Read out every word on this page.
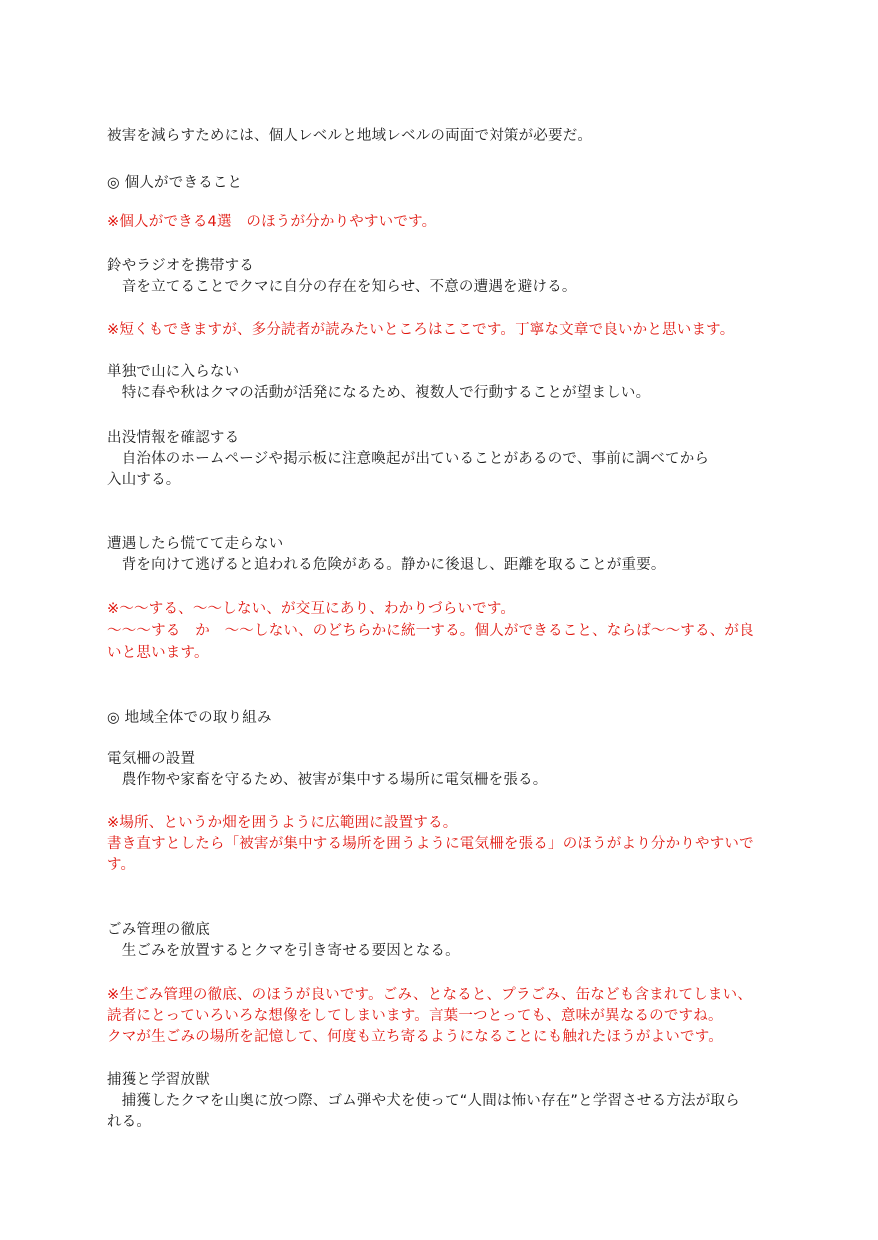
被害を減らすためには、個人レベルと地域レベルの両面で対策が必要だ。

◎ 個人ができること

※個人ができる4選　のほうが分かりやすいです。

鈴やラジオを携帯する

　音を立てることでクマに自分の存在を知らせ、不意の遭遇を避ける。

※短くもできますが、多分読者が読みたいところはここです。丁寧な文章で良いかと思います。

単独で山に入らない

　特に春や秋はクマの活動が活発になるため、複数人で行動することが望ましい。

出没情報を確認する

　自治体のホームページや掲示板に注意喚起が出ていることがあるので、事前に調べてから

入山する。

遭遇したら慌てて走らない

　背を向けて逃げると追われる危険がある。静かに後退し、距離を取ることが重要。

※～～する、～～しない、が交互にあり、わかりづらいです。

～～～する　か　～～しない、のどちらかに統一する。個人ができること、ならば～～する、が良

いと思います。

◎ 地域全体での取り組み

電気柵の設置

　農作物や家畜を守るため、被害が集中する場所に電気柵を張る。

※場所、というか畑を囲うように広範囲に設置する。

書き直すとしたら「被害が集中する場所を囲うように電気柵を張る」のほうがより分かりやすいで

す。

ごみ管理の徹底

　生ごみを放置するとクマを引き寄せる要因となる。

※生ごみ管理の徹底、のほうが良いです。ごみ、となると、プラごみ、缶なども含まれてしまい、

読者にとっていろいろな想像をしてしまいます。言葉一つとっても、意味が異なるのですね。

クマが生ごみの場所を記憶して、何度も立ち寄るようになることにも触れたほうがよいです。

捕獲と学習放獣

　捕獲したクマを山奥に放つ際、ゴム弾や犬を使って“人間は怖い存在”と学習させる方法が取ら

れる。
